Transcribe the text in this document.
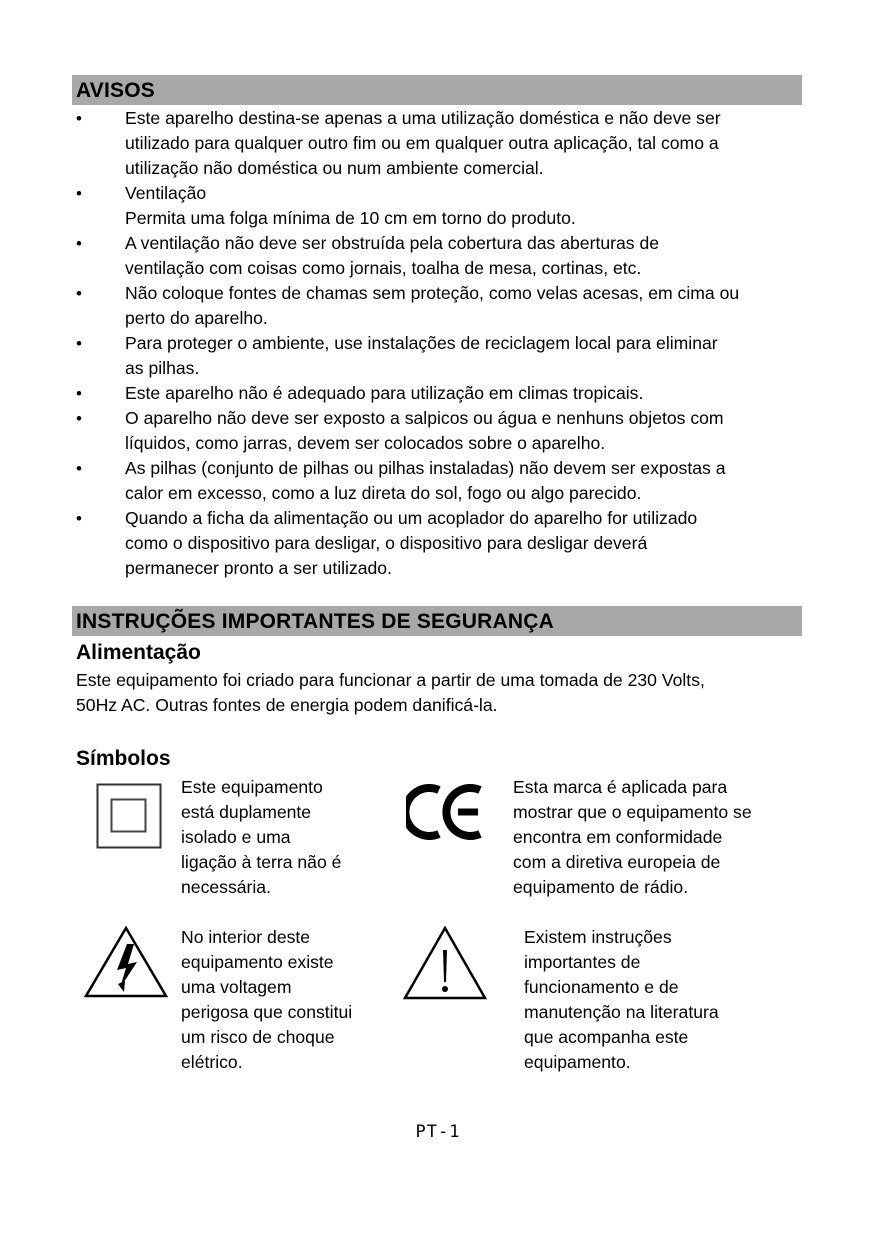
AVISOS
• Este aparelho destina-se apenas a uma utilização doméstica e não deve ser
utilizado para qualquer outro fim ou em qualquer outra aplicação, tal como a
utilização não doméstica ou num ambiente comercial.
• Ventilação
Permita uma folga mínima de 10 cm em torno do produto.
• A ventilação não deve ser obstruída pela cobertura das aberturas de
ventilação com coisas como jornais, toalha de mesa, cortinas, etc.
• Não coloque fontes de chamas sem proteção, como velas acesas, em cima ou
perto do aparelho.
• Para proteger o ambiente, use instalações de reciclagem local para eliminar
as pilhas.
• Este aparelho não é adequado para utilização em climas tropicais.
• O aparelho não deve ser exposto a salpicos ou água e nenhuns objetos com
líquidos, como jarras, devem ser colocados sobre o aparelho.
• As pilhas (conjunto de pilhas ou pilhas instaladas) não devem ser expostas a
calor em excesso, como a luz direta do sol, fogo ou algo parecido.
• Quando a ficha da alimentação ou um acoplador do aparelho for utilizado
como o dispositivo para desligar, o dispositivo para desligar deverá
permanecer pronto a ser utilizado.
INSTRUÇÕES IMPORTANTES DE SEGURANÇA
Alimentação
Este equipamento foi criado para funcionar a partir de uma tomada de 230 Volts,
50Hz AC. Outras fontes de energia podem danificá-la.
Símbolos
Este equipamento
está duplamente
isolado e uma
ligação à terra não é
necessária.
Esta marca é aplicada para
mostrar que o equipamento se
encontra em conformidade
com a diretiva europeia de
equipamento de rádio.
No interior deste
equipamento existe
uma voltagem
perigosa que constitui
um risco de choque
elétrico.
Existem instruções
importantes de
funcionamento e de
manutenção na literatura
que acompanha este
equipamento.
PT-1
